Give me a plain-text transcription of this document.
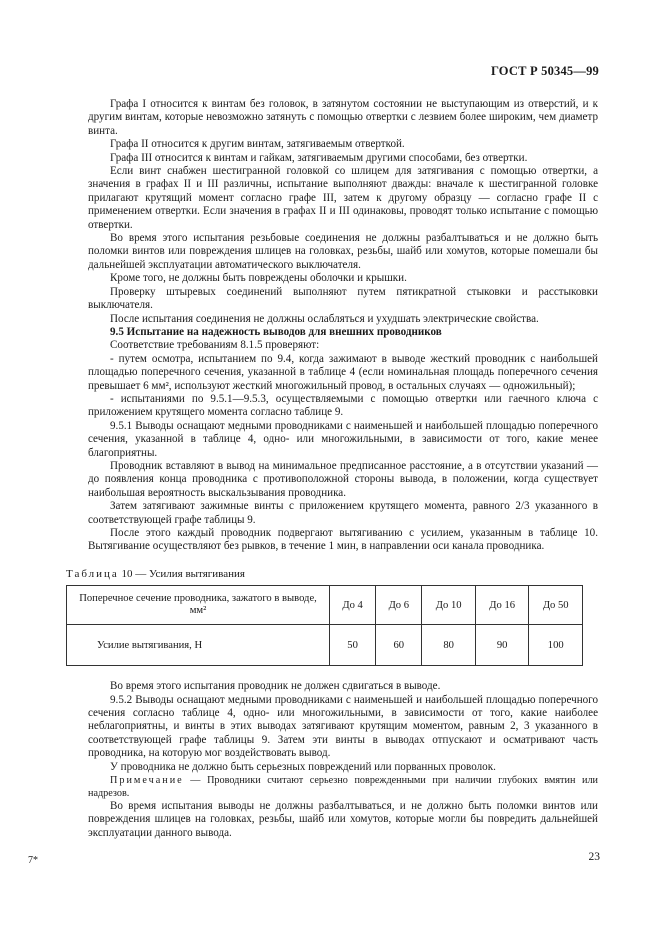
ГОСТ Р 50345—99

Графа I относится к винтам без головок, в затянутом состоянии не выступающим из отверстий, и к другим винтам, которые невозможно затянуть с помощью отвертки с лезвием более широким, чем диаметр винта.

Графа II относится к другим винтам, затягиваемым отверткой.

Графа III относится к винтам и гайкам, затягиваемым другими способами, без отвертки.

Если винт снабжен шестигранной головкой со шлицем для затягивания с помощью отвертки, а значения в графах II и III различны, испытание выполняют дважды: вначале к шестигранной головке прилагают крутящий момент согласно графе III, затем к другому образцу — согласно графе II с применением отвертки. Если значения в графах II и III одинаковы, проводят только испытание с помощью отвертки.

Во время этого испытания резьбовые соединения не должны разбалтываться и не должно быть поломки винтов или повреждения шлицев на головках, резьбы, шайб или хомутов, которые помешали бы дальнейшей эксплуатации автоматического выключателя.

Кроме того, не должны быть повреждены оболочки и крышки.

Проверку штыревых соединений выполняют путем пятикратной стыковки и расстыковки выключателя.

После испытания соединения не должны ослабляться и ухудшать электрические свойства.

9.5 Испытание на надежность выводов для внешних проводников

Соответствие требованиям 8.1.5 проверяют:

- путем осмотра, испытанием по 9.4, когда зажимают в выводе жесткий проводник с наибольшей площадью поперечного сечения, указанной в таблице 4 (если номинальная площадь поперечного сечения превышает 6 мм², используют жесткий многожильный провод, в остальных случаях — одножильный);

- испытаниями по 9.5.1—9.5.3, осуществляемыми с помощью отвертки или гаечного ключа с приложением крутящего момента согласно таблице 9.

9.5.1 Выводы оснащают медными проводниками с наименьшей и наибольшей площадью поперечного сечения, указанной в таблице 4, одно- или многожильными, в зависимости от того, какие менее благоприятны.

Проводник вставляют в вывод на минимальное предписанное расстояние, а в отсутствии указаний — до появления конца проводника с противоположной стороны вывода, в положении, когда существует наибольшая вероятность выскальзывания проводника.

Затем затягивают зажимные винты с приложением крутящего момента, равного 2/3 указанного в соответствующей графе таблицы 9.

После этого каждый проводник подвергают вытягиванию с усилием, указанным в таблице 10. Вытягивание осуществляют без рывков, в течение 1 мин, в направлении оси канала проводника.

Таблица 10 — Усилия вытягивания
Поперечное сечение проводника, зажатого в выводе, мм²	До 4	До 6	До 10	До 16	До 50
Усилие вытягивания, Н	50	60	80	90	100

Во время этого испытания проводник не должен сдвигаться в выводе.

9.5.2 Выводы оснащают медными проводниками с наименьшей и наибольшей площадью поперечного сечения согласно таблице 4, одно- или многожильными, в зависимости от того, какие наиболее неблагоприятны, и винты в этих выводах затягивают крутящим моментом, равным 2, 3 указанного в соответствующей графе таблицы 9. Затем эти винты в выводах отпускают и осматривают часть проводника, на которую мог воздействовать вывод.

У проводника не должно быть серьезных повреждений или порванных проволок.

Примечание — Проводники считают серьезно поврежденными при наличии глубоких вмятин или надрезов.

Во время испытания выводы не должны разбалтываться, и не должно быть поломки винтов или повреждения шлицев на головках, резьбы, шайб или хомутов, которые могли бы повредить дальнейшей эксплуатации данного вывода.

7*	23
